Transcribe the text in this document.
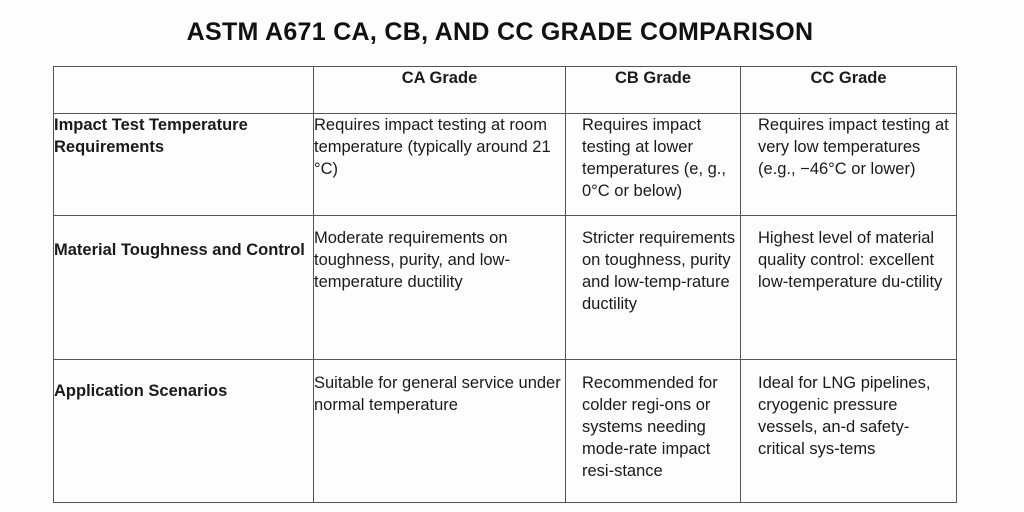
ASTM A671 CA, CB, AND CC GRADE COMPARISON
	CA Grade	CB Grade	CC Grade
Impact Test Temperature Requirements	Requires impact testing at room temperature (typically around 21 °C)	Requires impact testing at lower temperatures (e, g., 0°C or below)	Requires impact testing at very low temperatures (e.g., −46°C or lower)
Material Toughness and Control	Moderate requirements on toughness, purity, and low-temperature ductility	Stricter requirements on toughness, purity and low-temp-rature ductility	Highest level of material quality control: excellent low-temperature du-ctility
Application Scenarios	Suitable for general service under normal temperature	Recommended for colder regi-ons or systems needing mode-rate impact resi-stance	Ideal for LNG pipelines, cryogenic pressure vessels, an-d safety-critical sys-tems
